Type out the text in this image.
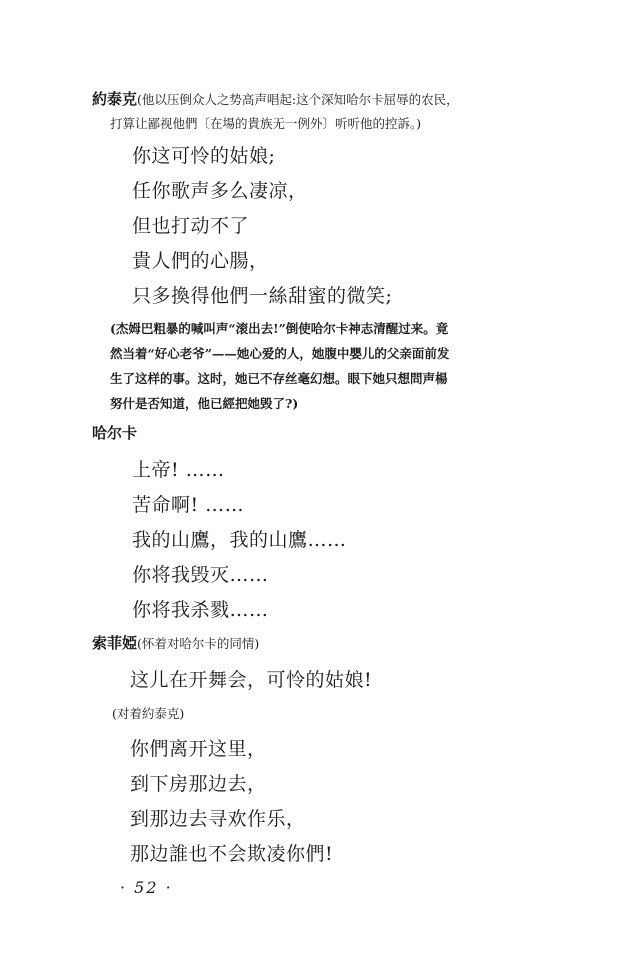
約泰克(他以压倒众人之势高声唱起:这个深知哈尔卡屈辱的农民，
打算让鄙视他們〔在場的貴族无一例外〕听听他的控訴。)
你这可怜的姑娘;
任你歌声多么凄凉，
但也打动不了
貴人們的心腸，
只多換得他們一絲甜蜜的微笑;
(杰姆巴粗暴的喊叫声“滚出去!”倒使哈尔卡神志清醒过来。竟
然当着“好心老爷”——她心爱的人，她腹中嬰儿的父亲面前发
生了这样的事。这时，她已不存丝毫幻想。眼下她只想問声楊
努什是否知道，他已經把她毁了?)
哈尔卡
上帝! ……
苦命啊! ……
我的山鷹，我的山鷹……
你将我毁灭……
你将我杀戮……
索菲婭(怀着对哈尔卡的同情)
这儿在开舞会，可怜的姑娘!
(对着約泰克)
你們离开这里，
到下房那边去，
到那边去寻欢作乐，
那边誰也不会欺凌你們!
· 52 ·
